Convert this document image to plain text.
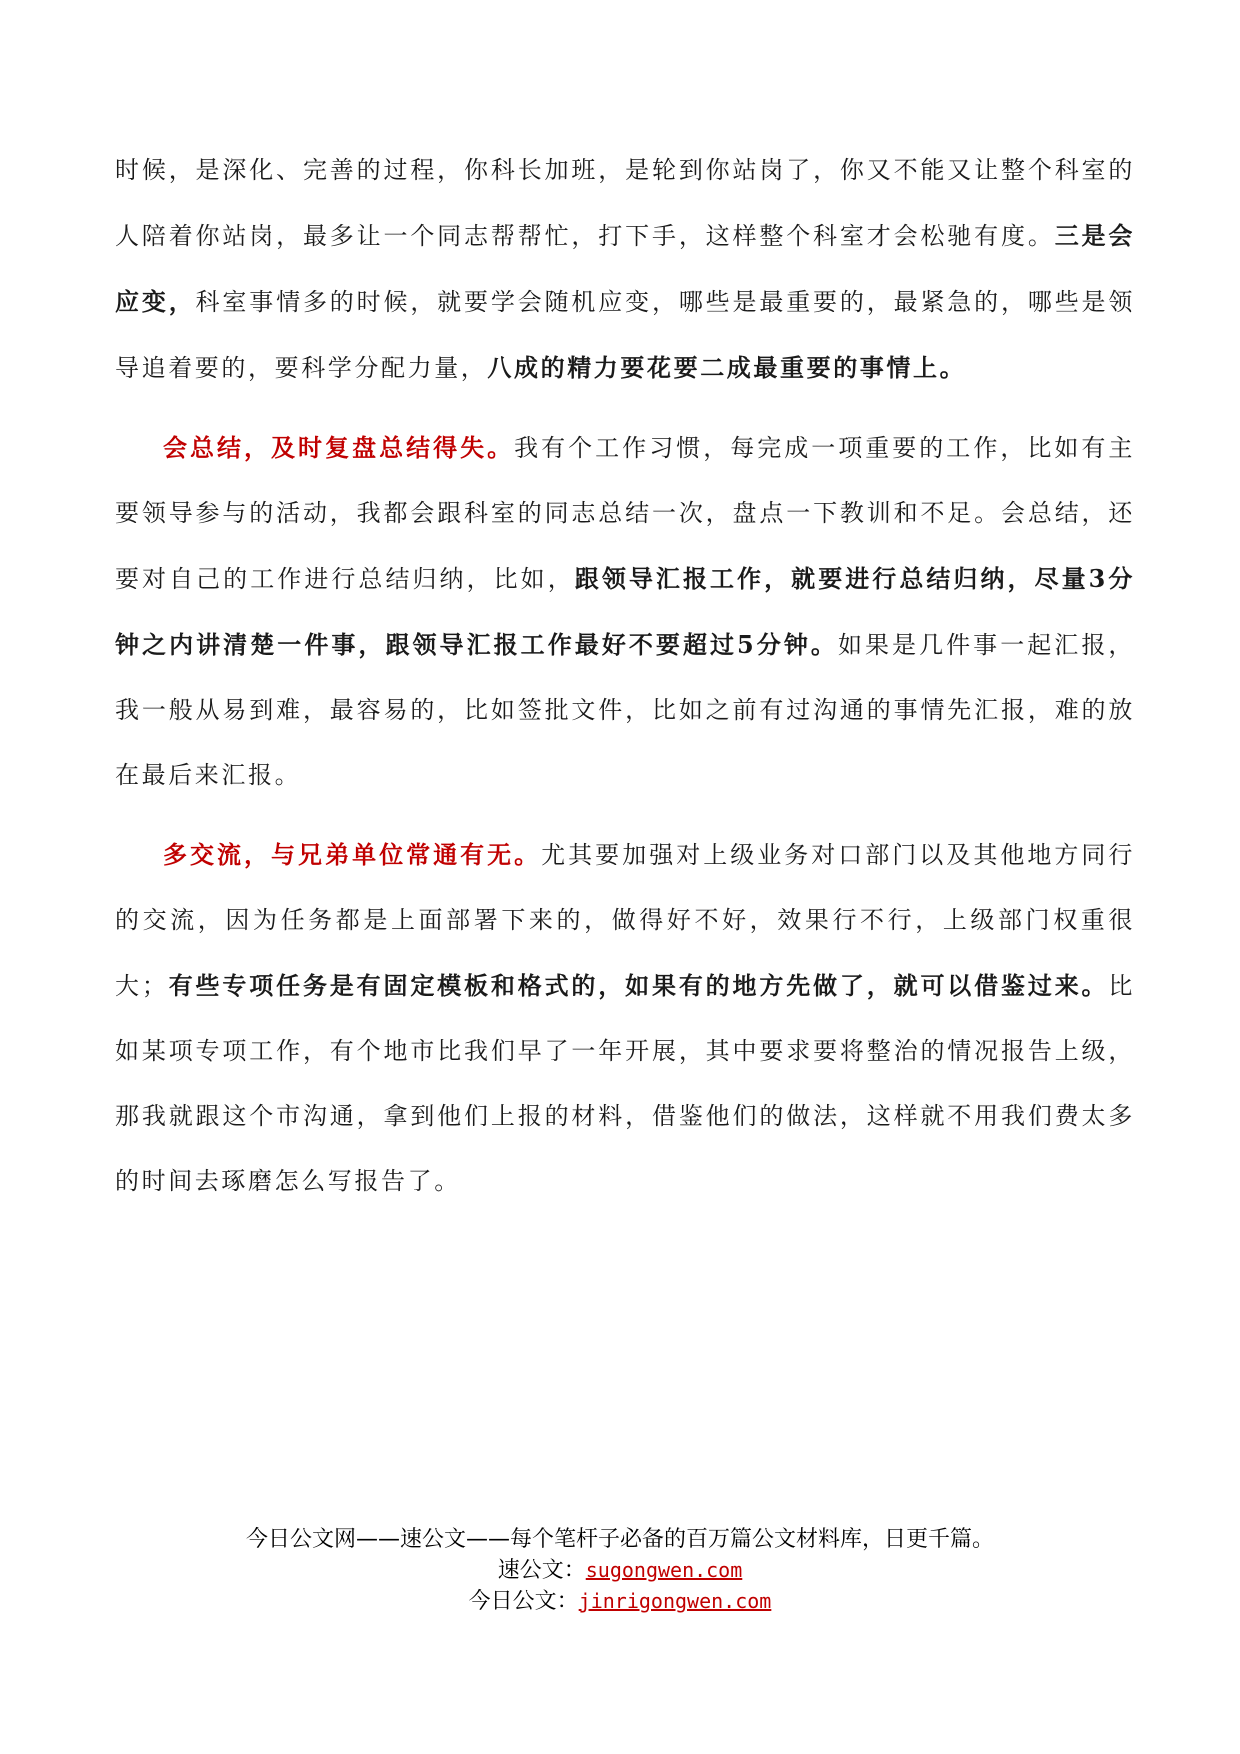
时候，是深化、完善的过程，你科长加班，是轮到你站岗了，你又不能又让整个科室的人陪着你站岗，最多让一个同志帮帮忙，打下手，这样整个科室才会松驰有度。三是会应变，科室事情多的时候，就要学会随机应变，哪些是最重要的，最紧急的，哪些是领导追着要的，要科学分配力量，八成的精力要花要二成最重要的事情上。

会总结，及时复盘总结得失。我有个工作习惯，每完成一项重要的工作，比如有主要领导参与的活动，我都会跟科室的同志总结一次，盘点一下教训和不足。会总结，还要对自己的工作进行总结归纳，比如，跟领导汇报工作，就要进行总结归纳，尽量3分钟之内讲清楚一件事，跟领导汇报工作最好不要超过5分钟。如果是几件事一起汇报，我一般从易到难，最容易的，比如签批文件，比如之前有过沟通的事情先汇报，难的放在最后来汇报。

多交流，与兄弟单位常通有无。尤其要加强对上级业务对口部门以及其他地方同行的交流，因为任务都是上面部署下来的，做得好不好，效果行不行，上级部门权重很大；有些专项任务是有固定模板和格式的，如果有的地方先做了，就可以借鉴过来。比如某项专项工作，有个地市比我们早了一年开展，其中要求要将整治的情况报告上级，那我就跟这个市沟通，拿到他们上报的材料，借鉴他们的做法，这样就不用我们费太多的时间去琢磨怎么写报告了。

今日公文网——速公文——每个笔杆子必备的百万篇公文材料库，日更千篇。

速公文：sugongwen.com

今日公文：jinrigongwen.com
